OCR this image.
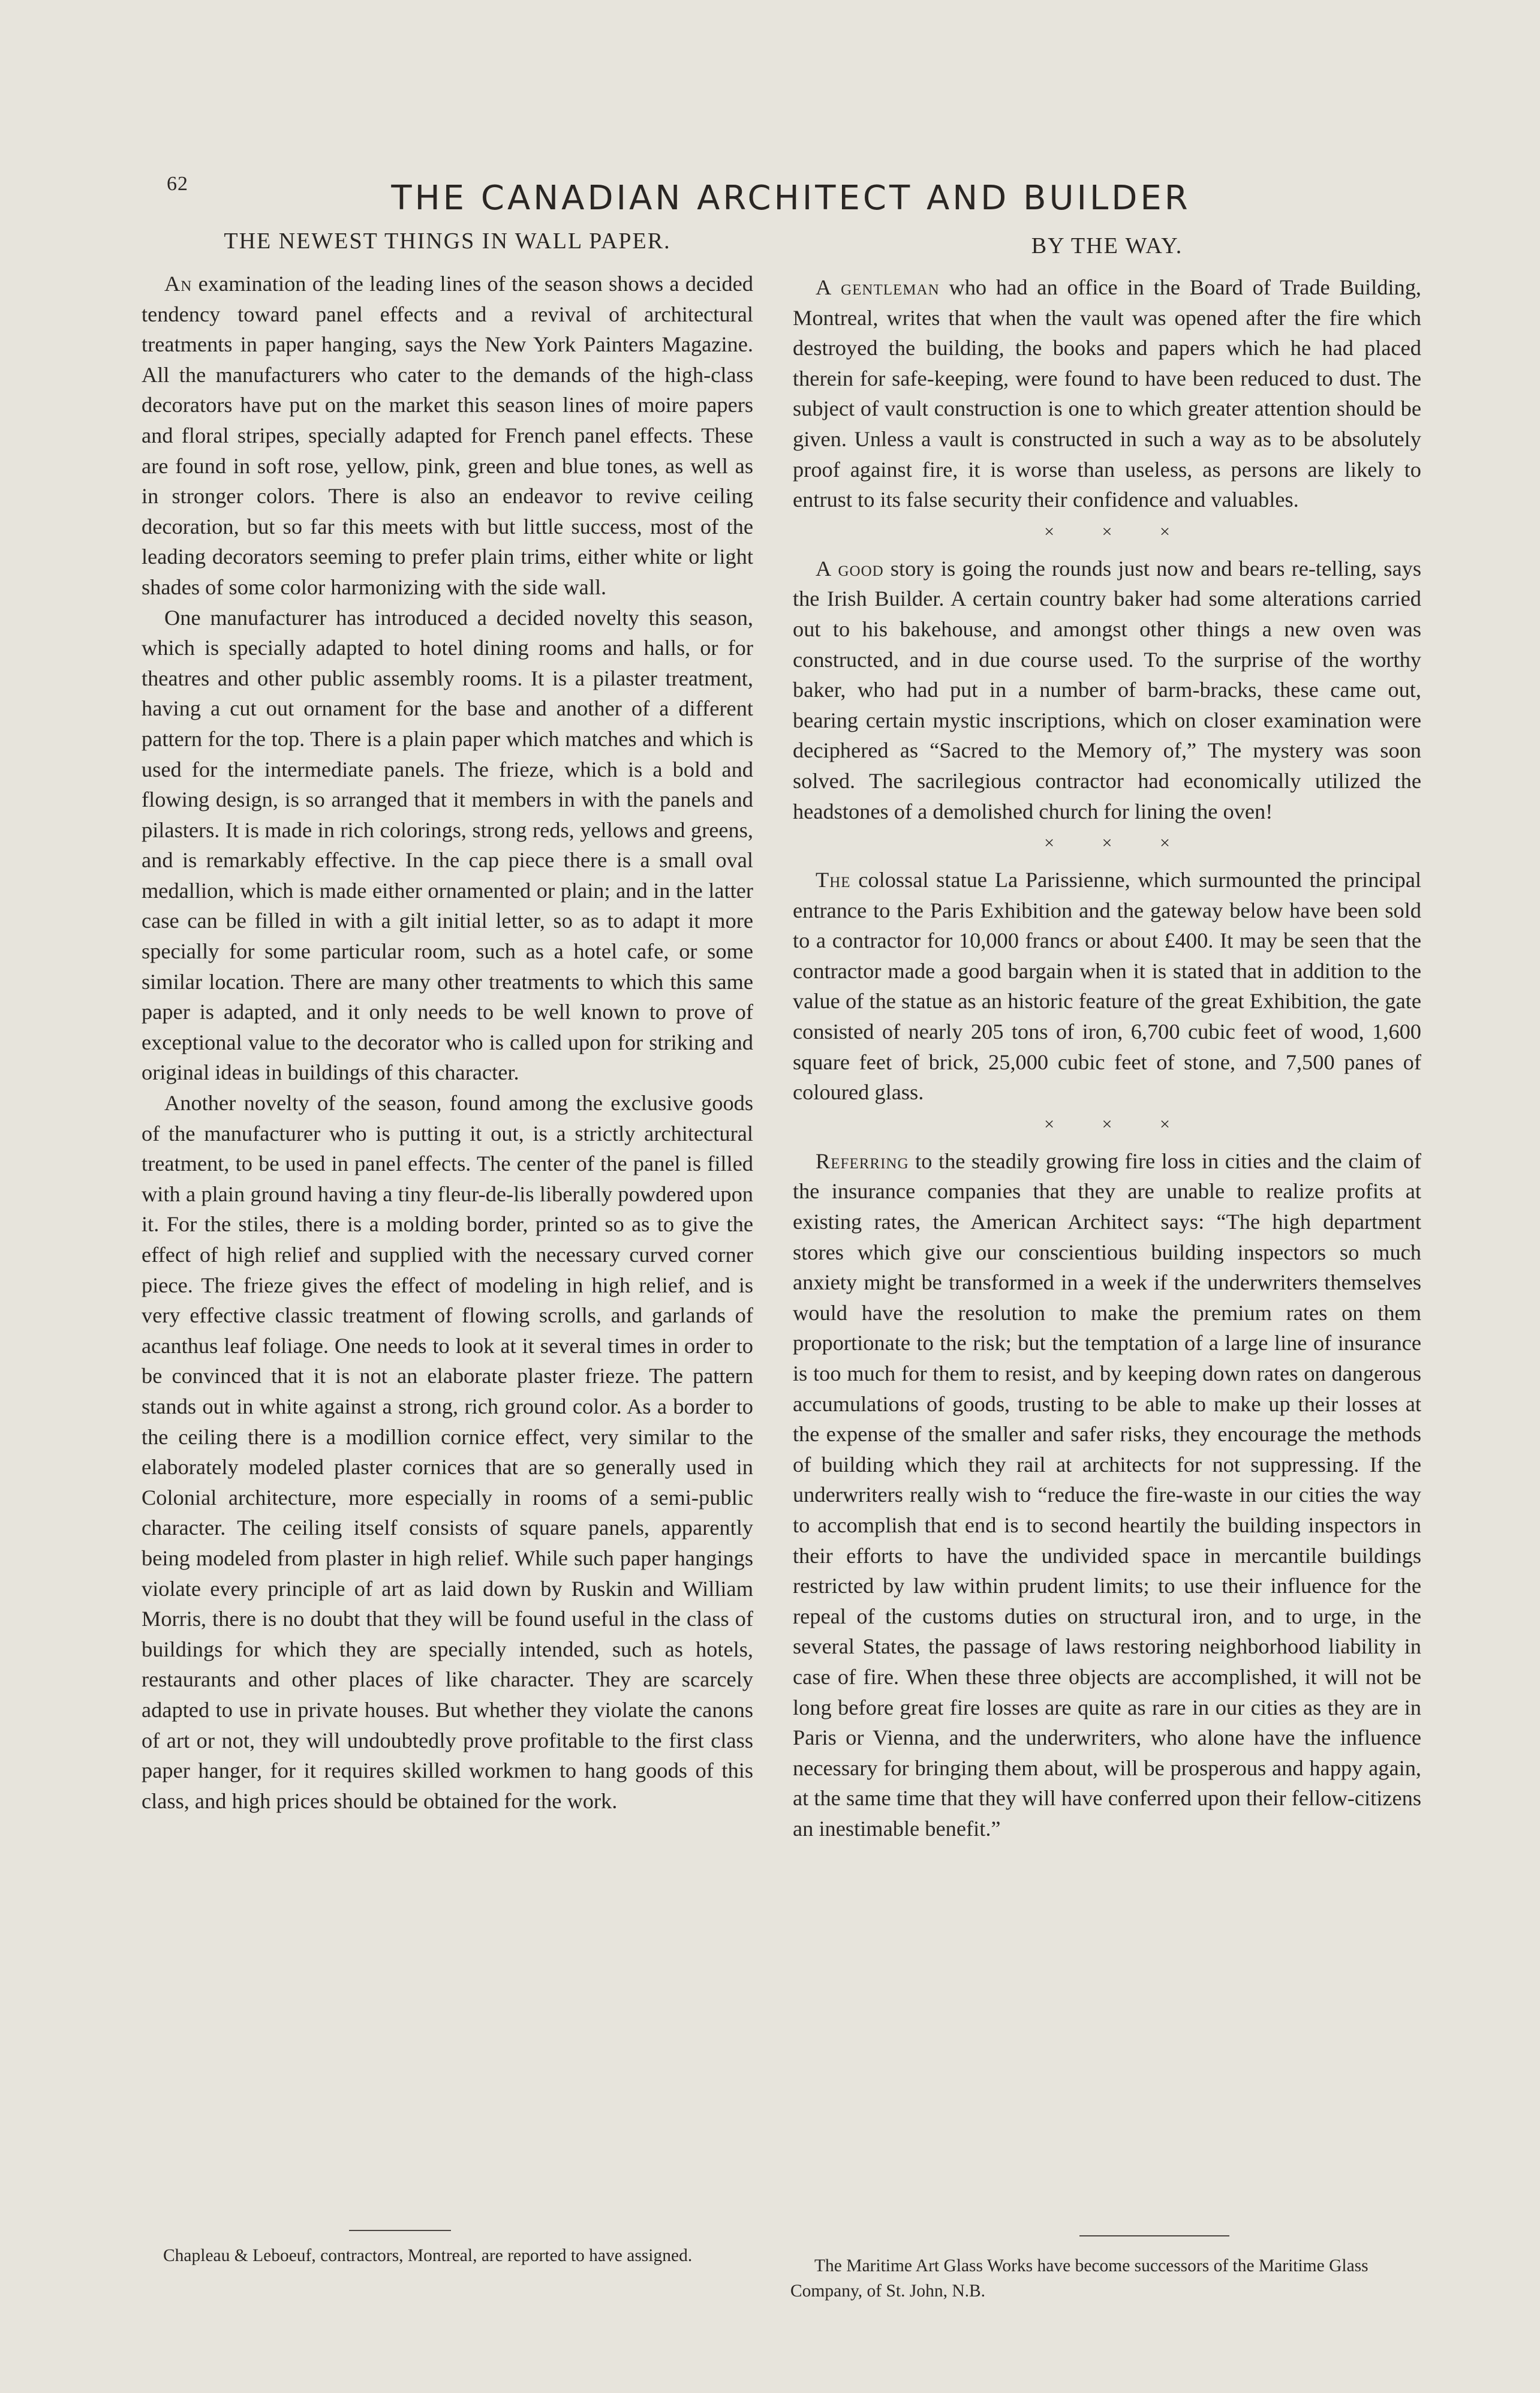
62	THE CANADIAN ARCHITECT AND BUILDER
THE NEWEST THINGS IN WALL PAPER.

An examination of the leading lines of the season shows a decided tendency toward panel effects and a revival of architectural treatments in paper hanging, says the New York Painters Magazine. All the manufacturers who cater to the demands of the high-class decorators have put on the market this season lines of moire papers and floral stripes, specially adapted for French panel effects. These are found in soft rose, yellow, pink, green and blue tones, as well as in stronger colors. There is also an endeavor to revive ceiling decoration, but so far this meets with but little success, most of the leading decorators seeming to prefer plain trims, either white or light shades of some color harmonizing with the side wall.

One manufacturer has introduced a decided novelty this season, which is specially adapted to hotel dining rooms and halls, or for theatres and other public assembly rooms. It is a pilaster treatment, having a cut out ornament for the base and another of a different pattern for the top. There is a plain paper which matches and which is used for the intermediate panels. The frieze, which is a bold and flowing design, is so arranged that it members in with the panels and pilasters. It is made in rich colorings, strong reds, yellows and greens, and is remarkably effective. In the cap piece there is a small oval medallion, which is made either ornamented or plain; and in the latter case can be filled in with a gilt initial letter, so as to adapt it more specially for some particular room, such as a hotel cafe, or some similar location. There are many other treatments to which this same paper is adapted, and it only needs to be well known to prove of exceptional value to the decorator who is called upon for striking and original ideas in buildings of this character.

Another novelty of the season, found among the exclusive goods of the manufacturer who is putting it out, is a strictly architectural treatment, to be used in panel effects. The center of the panel is filled with a plain ground having a tiny fleur-de-lis liberally powdered upon it. For the stiles, there is a molding border, printed so as to give the effect of high relief and supplied with the necessary curved corner piece. The frieze gives the effect of modeling in high relief, and is very effective classic treatment of flowing scrolls, and garlands of acanthus leaf foliage. One needs to look at it several times in order to be convinced that it is not an elaborate plaster frieze. The pattern stands out in white against a strong, rich ground color. As a border to the ceiling there is a modillion cornice effect, very similar to the elaborately modeled plaster cornices that are so generally used in Colonial architecture, more especially in rooms of a semi-public character. The ceiling itself consists of square panels, apparently being modeled from plaster in high relief. While such paper hangings violate every principle of art as laid down by Ruskin and William Morris, there is no doubt that they will be found useful in the class of buildings for which they are specially intended, such as hotels, restaurants and other places of like character. They are scarcely adapted to use in private houses. But whether they violate the canons of art or not, they will undoubtedly prove profitable to the first class paper hanger, for it requires skilled workmen to hang goods of this class, and high prices should be obtained for the work.

BY THE WAY.

A gentleman who had an office in the Board of Trade Building, Montreal, writes that when the vault was opened after the fire which destroyed the building, the books and papers which he had placed therein for safe-keeping, were found to have been reduced to dust. The subject of vault construction is one to which greater attention should be given. Unless a vault is constructed in such a way as to be absolutely proof against fire, it is worse than useless, as persons are likely to entrust to its false security their confidence and valuables.

× × ×

A good story is going the rounds just now and bears re-telling, says the Irish Builder. A certain country baker had some alterations carried out to his bakehouse, and amongst other things a new oven was constructed, and in due course used. To the surprise of the worthy baker, who had put in a number of barm-bracks, these came out, bearing certain mystic inscriptions, which on closer examination were deciphered as “Sacred to the Memory of,” The mystery was soon solved. The sacrilegious contractor had economically utilized the headstones of a demolished church for lining the oven!

× × ×

The colossal statue La Parissienne, which surmounted the principal entrance to the Paris Exhibition and the gateway below have been sold to a contractor for 10,000 francs or about £400. It may be seen that the contractor made a good bargain when it is stated that in addition to the value of the statue as an historic feature of the great Exhibition, the gate consisted of nearly 205 tons of iron, 6,700 cubic feet of wood, 1,600 square feet of brick, 25,000 cubic feet of stone, and 7,500 panes of coloured glass.

× × ×

Referring to the steadily growing fire loss in cities and the claim of the insurance companies that they are unable to realize profits at existing rates, the American Architect says: “The high department stores which give our conscientious building inspectors so much anxiety might be transformed in a week if the underwriters themselves would have the resolution to make the premium rates on them proportionate to the risk; but the temptation of a large line of insurance is too much for them to resist, and by keeping down rates on dangerous accumulations of goods, trusting to be able to make up their losses at the expense of the smaller and safer risks, they encourage the methods of building which they rail at architects for not suppressing. If the underwriters really wish to “reduce the fire-waste in our cities the way to accomplish that end is to second heartily the building inspectors in their efforts to have the undivided space in mercantile buildings restricted by law within prudent limits; to use their influence for the repeal of the customs duties on structural iron, and to urge, in the several States, the passage of laws restoring neighborhood liability in case of fire. When these three objects are accomplished, it will not be long before great fire losses are quite as rare in our cities as they are in Paris or Vienna, and the underwriters, who alone have the influence necessary for bringing them about, will be prosperous and happy again, at the same time that they will have conferred upon their fellow-citizens an inestimable benefit.”

Chapleau & Leboeuf, contractors, Montreal, are reported to have assigned.

The Maritime Art Glass Works have become successors of the Maritime Glass Company, of St. John, N.B.
